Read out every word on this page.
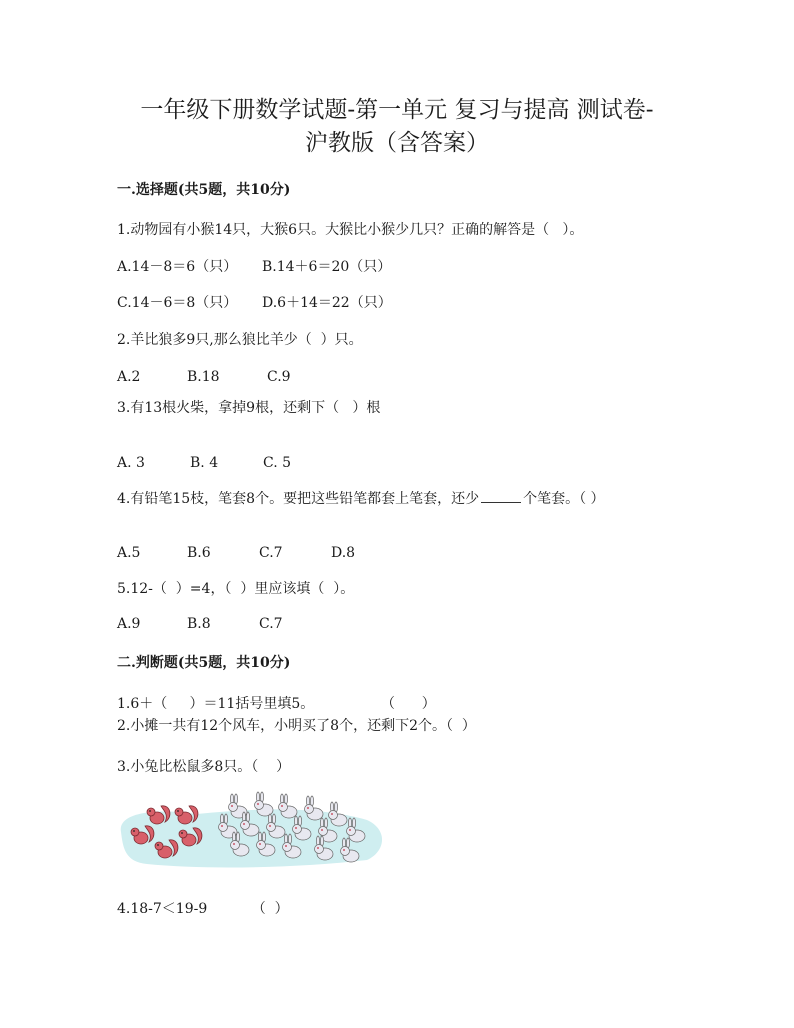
一年级下册数学试题-第一单元 复习与提高 测试卷-
沪教版（含答案）
一.选择题(共5题，共10分)
1.动物园有小猴14只，大猴6只。大猴比小猴少几只？正确的解答是（   ）。
A.14－8＝6（只） B.14＋6＝20（只）
C.14－6＝8（只） D.6＋14＝22（只）
2.羊比狼多9只,那么狼比羊少（  ）只。
A.2	B.18	C.9
3.有13根火柴，拿掉9根，还剩下（   ）根
A. 3	B. 4	C. 5
4.有铅笔15枝，笔套8个。要把这些铅笔都套上笔套，还少	个笔套。（ ）
A.5	B.6	C.7	D.8
5.12-（  ）=4，（  ）里应该填（  ）。
A.9	B.8	C.7
二.判断题(共5题，共10分)
1.6＋（     ）＝11括号里填5。               （      ）
2.小摊一共有12个风车，小明买了8个，还剩下2个。（  ）
3.小兔比松鼠多8只。（    ）
4.18-7＜19-9          （  ）
